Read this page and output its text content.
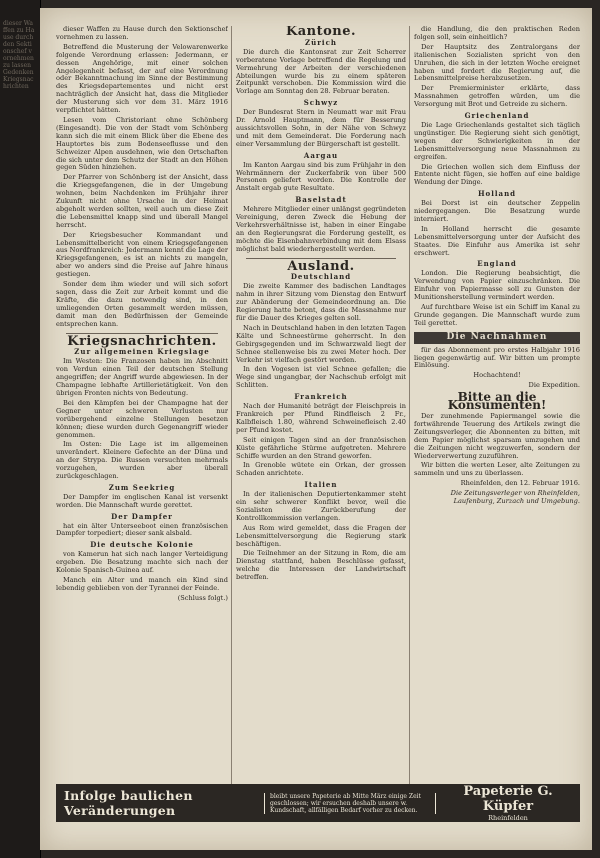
dieser Waffen zu Hause durch den Sektionschef vornehmen zu lassen Gedenken Kriegsnachrichten

dieser Waffen zu Hause durch den Sektionschef vornehmen zu lassen.

Betreffend die Musterung der Velowarenwerke folgende Verordnung erlassen: Jedermann, er dessen Angehörige, mit einer solchen Angelegenheit befasst, der auf eine Verordnung oder Bekanntmachung im Sinne der Bestimmung des Kriegsdepartementes und nicht erst nachträglich der Ansicht hat, dass die Mitglieder der Musterung sich vor dem 31. März 1916 verpflichtet hätten.

Lesen vom Christoriant ohne Schönberg (Eingesandt). Die von der Stadt vom Schönberg kann sich die mit einem Blick über die Ebene des Hauptortes bis zum Bodenseeflusse und den Schweizer Alpen ausdehnen, wie den Ortschaften die sich unter dem Schutz der Stadt an den Höhen gegen Süden hinziehen.

Der Pfarrer von Schönberg ist der Ansicht, dass die Kriegsgefangenen, die in der Umgebung wohnen, beim Nachdenken im Frühjahr ihrer Zukunft nicht ohne Ursache in der Heimat abgeholt werden sollten, weil auch um diese Zeit die Lebensmittel knapp sind und überall Mangel herrscht.

Der Kriegsbesucher Kommandant und Lebensmittelbericht von einem Kriegsgefangenen aus Nordfrankreich: Jedermann kennt die Lage der Kriegsgefangenen, es ist an nichts zu mangeln, aber wo anders sind die Preise auf Jahre hinaus gestiegen.

Sonder dem ihm wieder und will sich sofort sagen, dass die Zeit zur Arbeit kommt und die Kräfte, die dazu notwendig sind, in den umliegenden Orten gesammelt werden müssen, damit man den Bedürfnissen der Gemeinde entsprechen kann.

Kriegsnachrichten.
Zur allgemeinen Kriegslage

Im Westen: Die Franzosen haben im Abschnitt von Verdun einen Teil der deutschen Stellung angegriffen; der Angriff wurde abgewiesen. In der Champagne lebhafte Artillerietätigkeit. Von den übrigen Fronten nichts von Bedeutung.

Bei den Kämpfen bei der Champagne hat der Gegner unter schweren Verlusten nur vorübergehend einzelne Stellungen besetzen können; diese wurden durch Gegenangriff wieder genommen.

Im Osten: Die Lage ist im allgemeinen unverändert. Kleinere Gefechte an der Düna und an der Strypa. Die Russen versuchten mehrmals vorzugehen, wurden aber überall zurückgeschlagen.

Zum Seekrieg

Der Dampfer im englischen Kanal ist versenkt worden. Die Mannschaft wurde gerettet.

Der Dampfer

hat ein älter Unterseeboot einen französischen Dampfer torpediert; dieser sank alsbald.

Die deutsche Kolonie

von Kamerun hat sich nach langer Verteidigung ergeben. Die Besatzung machte sich nach der Kolonie Spanisch-Guinea auf.

Manch ein Alter und manch ein Kind sind lebendig geblieben von der Tyrannei der Feinde.

(Schluss folgt.)

Kantone.
Zürich

Die durch die Kantonsrat zur Zeit Scherrer vorberatene Vorlage betreffend die Regelung und Vermehrung der Arbeiten der verschiedenen Abteilungen wurde bis zu einem späteren Zeitpunkt verschoben. Die Kommission wird die Vorlage am Sonntag den 28. Februar beraten.

Schwyz

Der Bundesrat Stern in Neumatt war mit Frau Dr. Arnold Hauptmann, dem für Besserung aussichtsvollen Sohn, in der Nähe von Schwyz und mit dem Gemeinderat. Die Forderung nach einer Versammlung der Bürgerschaft ist gestellt.

Aargau

Im Kanton Aargau sind bis zum Frühjahr in den Wehrmännern der Zuckerfabrik von über 500 Personen geliefert worden. Die Kontrolle der Anstalt ergab gute Resultate.

Baselstadt

Mehrere Mitglieder einer unlängst gegründeten Vereinigung, deren Zweck die Hebung der Verkehrsverhältnisse ist, haben in einer Eingabe an den Regierungsrat die Forderung gestellt, es möchte die Eisenbahnverbindung mit dem Elsass möglichst bald wiederhergestellt werden.

Ausland.
Deutschland

Die zweite Kammer des badischen Landtages nahm in ihrer Sitzung vom Dienstag den Entwurf zur Abänderung der Gemeindeordnung an. Die Regierung hatte betont, dass die Massnahme nur für die Dauer des Krieges gelten soll.

Nach in Deutschland haben in den letzten Tagen Kälte und Schneestürme geherrscht. In den Gebirgsgegenden und im Schwarzwald liegt der Schnee stellenweise bis zu zwei Meter hoch. Der Verkehr ist vielfach gestört worden.

In den Vogesen ist viel Schnee gefallen; die Wege sind ungangbar, der Nachschub erfolgt mit Schlitten.

Frankreich

Nach der Humanité beträgt der Fleischpreis in Frankreich per Pfund Rindfleisch 2 Fr., Kalbfleisch 1.80, während Schweinefleisch 2.40 per Pfund kostet.

Seit einigen Tagen sind an der französischen Küste gefährliche Stürme aufgetreten. Mehrere Schiffe wurden an den Strand geworfen.

In Grenoble wütete ein Orkan, der grossen Schaden anrichtete.

Italien

In der italienischen Deputiertenkammer steht ein sehr schwerer Konflikt bevor, weil die Sozialisten die Zurückberufung der Kontrollkommission verlangen.

Aus Rom wird gemeldet, dass die Fragen der Lebensmittelversorgung die Regierung stark beschäftigen.

Die Teilnehmer an der Sitzung in Rom, die am Dienstag stattfand, haben Beschlüsse gefasst, welche die Interessen der Landwirtschaft betreffen.

die Handlung, die den praktischen Reden folgen soll, sein einheitlich?

Der Hauptsitz des Zentralorgans der italienischen Sozialisten spricht von den Unruhen, die sich in der letzten Woche ereignet haben und fordert die Regierung auf, die Lebensmittelpreise herabzusetzen.

Der Premierminister erklärte, dass Massnahmen getroffen würden, um die Versorgung mit Brot und Getreide zu sichern.

Griechenland

Die Lage Griechenlands gestaltet sich täglich ungünstiger. Die Regierung sieht sich genötigt, wegen der Schwierigkeiten in der Lebensmittelversorgung neue Massnahmen zu ergreifen.

Die Griechen wollen sich dem Einfluss der Entente nicht fügen, sie hoffen auf eine baldige Wendung der Dinge.

Holland

Bei Dorst ist ein deutscher Zeppelin niedergegangen. Die Besatzung wurde interniert.

In Holland herrscht die gesamte Lebensmittelversorgung unter der Aufsicht des Staates. Die Einfuhr aus Amerika ist sehr erschwert.

England

London. Die Regierung beabsichtigt, die Verwendung von Papier einzuschränken. Die Einfuhr von Papiermasse soll zu Gunsten der Munitionsherstellung vermindert werden.

Auf furchtbare Weise ist ein Schiff im Kanal zu Grunde gegangen. Die Mannschaft wurde zum Teil gerettet.

Die Nachnahmen

für das Abonnement pro erstes Halbjahr 1916 liegen gegenwärtig auf. Wir bitten um prompte Einlösung.

Hochachtend!

Die Expedition.

Bitte an die Konsumenten!

Der zunehmende Papiermangel sowie die fortwährende Teuerung des Artikels zwingt die Zeitungsverleger, die Abonnenten zu bitten, mit dem Papier möglichst sparsam umzugehen und die Zeitungen nicht wegzuwerfen, sondern der Wiederverwertung zuzuführen.

Wir bitten die werten Leser, alte Zeitungen zu sammeln und uns zu überlassen.

Rheinfelden, den 12. Februar 1916.

Die Zeitungsverleger von Rheinfelden, Laufenburg, Zurzach und Umgebung.

Infolge baulichen Veränderungen
bleibt unsere Papeterie ab Mitte März einige Zeit geschlossen; wir ersuchen deshalb unsere w. Kundschaft, allfälligen Bedarf vorher zu decken.
Papeterie G. Küpfer
Rheinfelden
